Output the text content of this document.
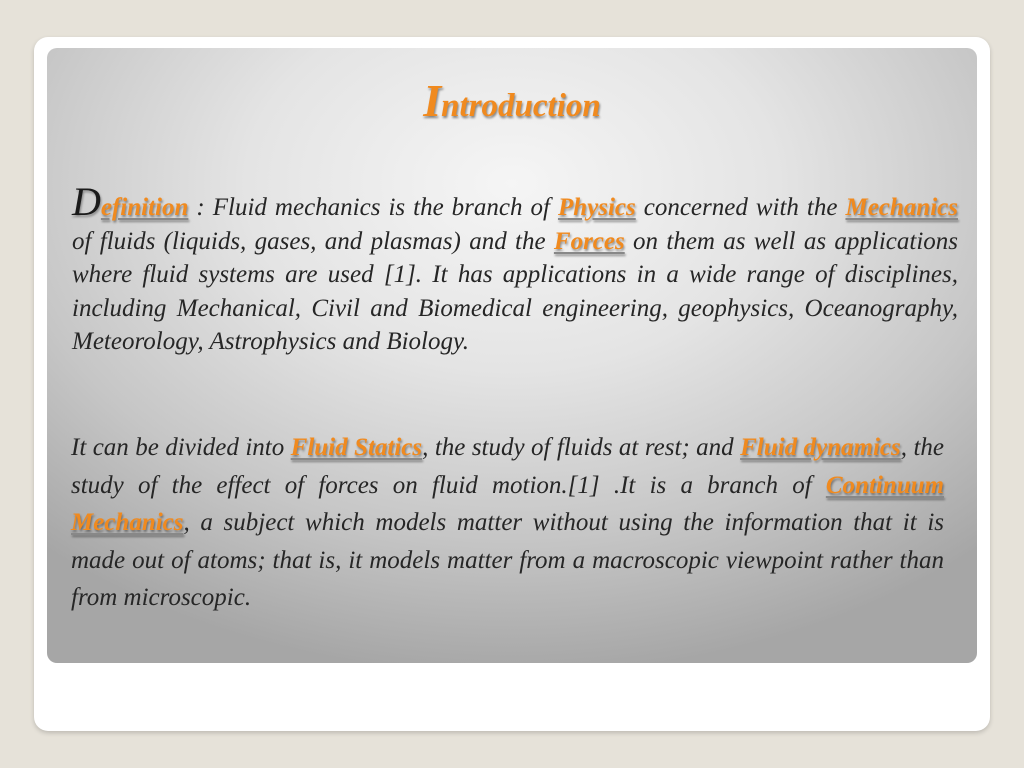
Introduction

Definition : Fluid mechanics is the branch of Physics concerned with the Mechanics of fluids (liquids, gases, and plasmas) and the Forces on them as well as applications where fluid systems are used [1]. It has applications in a wide range of disciplines, including Mechanical, Civil and Biomedical engineering, geophysics, Oceanography, Meteorology, Astrophysics and Biology.

It can be divided into Fluid Statics, the study of fluids at rest; and Fluid dynamics, the study of the effect of forces on fluid motion.[1] .It is a branch of Continuum Mechanics, a subject which models matter without using the information that it is made out of atoms; that is, it models matter from a macroscopic viewpoint rather than from microscopic.
